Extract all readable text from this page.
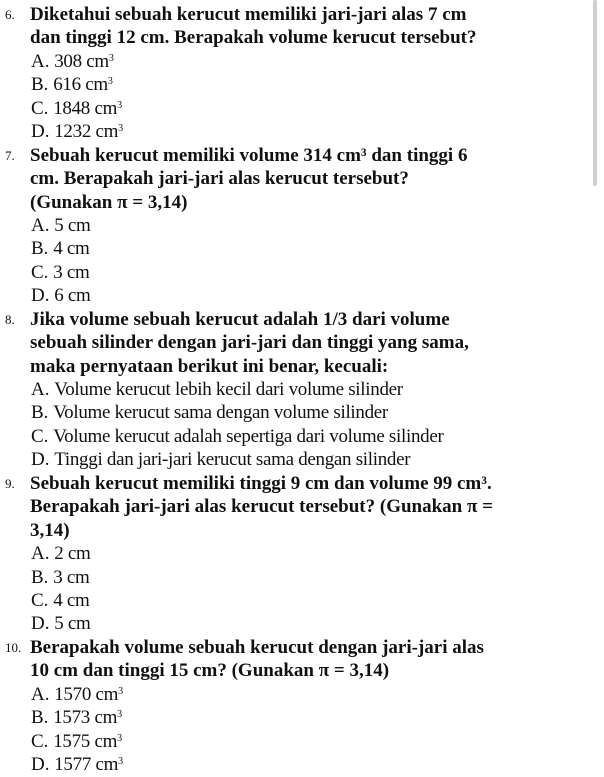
6. Diketahui sebuah kerucut memiliki jari-jari alas 7 cm
dan tinggi 12 cm. Berapakah volume kerucut tersebut?
A. 308 $cm^3$
B. 616 $cm^3$
C. 1848 $cm^3$
D. 1232 $cm^3$
7. Sebuah kerucut memiliki volume 314 cm³ dan tinggi 6
cm. Berapakah jari-jari alas kerucut tersebut?
(Gunakan π = 3,14)
A. 5 cm
B. 4 cm
C. 3 cm
D. 6 cm
8. Jika volume sebuah kerucut adalah 1/3 dari volume
sebuah silinder dengan jari-jari dan tinggi yang sama,
maka pernyataan berikut ini benar, kecuali:
A. Volume kerucut lebih kecil dari volume silinder
B. Volume kerucut sama dengan volume silinder
C. Volume kerucut adalah sepertiga dari volume silinder
D. Tinggi dan jari-jari kerucut sama dengan silinder
9. Sebuah kerucut memiliki tinggi 9 cm dan volume 99 cm³.
Berapakah jari-jari alas kerucut tersebut? (Gunakan π =
3,14)
A. 2 cm
B. 3 cm
C. 4 cm
D. 5 cm
10. Berapakah volume sebuah kerucut dengan jari-jari alas
10 cm dan tinggi 15 cm? (Gunakan π = 3,14)
A. 1570 $cm^3$
B. 1573 $cm^3$
C. 1575 $cm^3$
D. 1577 $cm^3$
